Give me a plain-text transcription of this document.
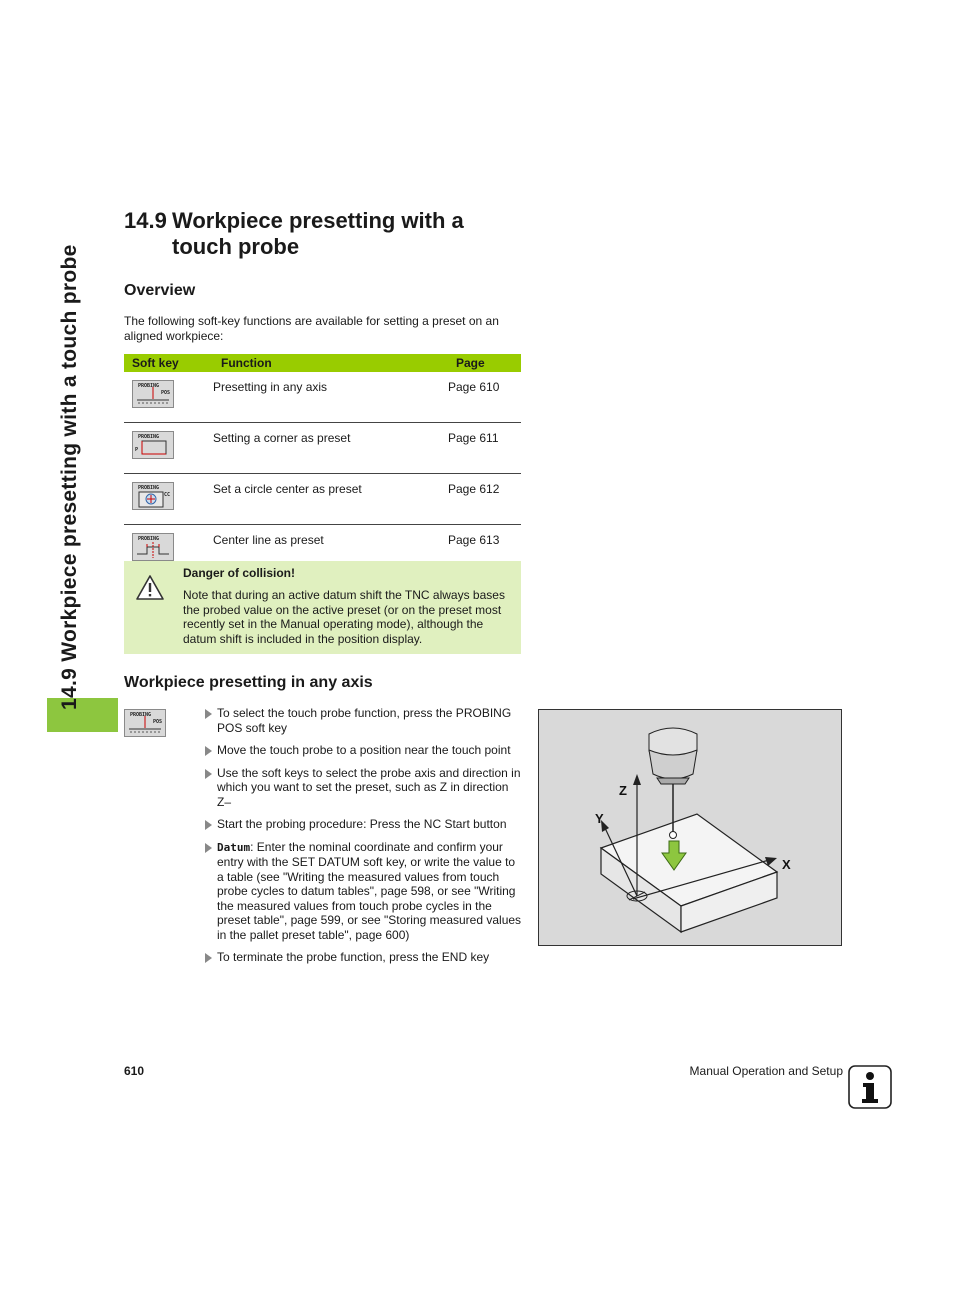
14.9 Workpiece presetting with a touch probe
14.9 Workpiece presetting with a
touch probe
Overview

The following soft-key functions are available for setting a preset on an aligned workpiece:

Soft key	Function	Page

PROBING
POS	Presetting in any axis	Page 610

PROBING
P	Setting a corner as preset	Page 611

PROBING
CC	Set a circle center as preset	Page 612

PROBING	Center line as preset	Page 613
Danger of collision!

Note that during an active datum shift the TNC always bases the probed value on the active preset (or on the preset most recently set in the Manual operating mode), although the datum shift is included in the position display.

Workpiece presetting in any axis
PROBING
POS
To select the touch probe function, press the PROBING POS soft key
Move the touch probe to a position near the touch point
Use the soft keys to select the probe axis and direction in which you want to set the preset, such as Z in direction Z–
Start the probing procedure: Press the NC Start button
Datum: Enter the nominal coordinate and confirm your entry with the SET DATUM soft key, or write the value to a table (see "Writing the measured values from touch probe cycles to datum tables", page 598, or see "Writing the measured values from touch probe cycles in the preset table", page 599, or see "Storing measured values in the pallet preset table", page 600)
To terminate the probe function, press the END key
Z
Y
X
610	Manual Operation and Setup
